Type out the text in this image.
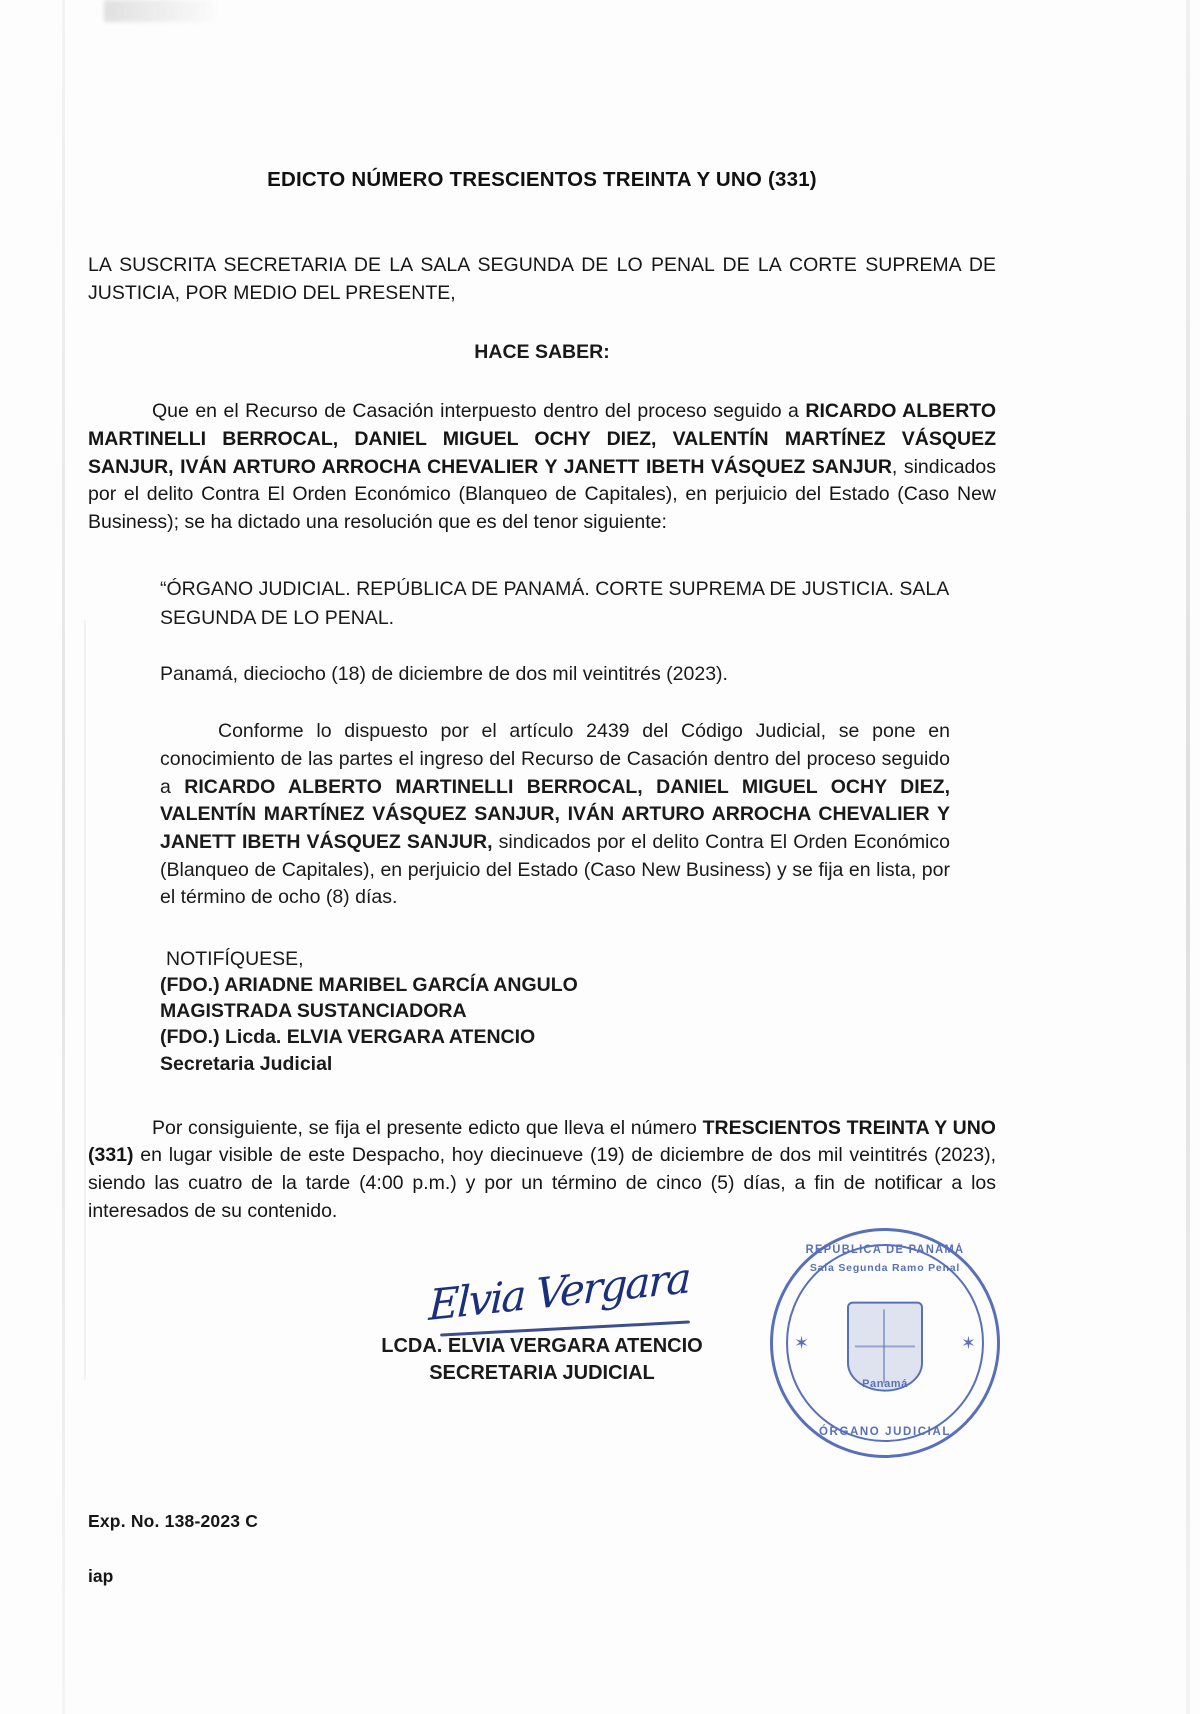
EDICTO NÚMERO TRESCIENTOS TREINTA Y UNO (331)

LA SUSCRITA SECRETARIA DE LA SALA SEGUNDA DE LO PENAL DE LA CORTE SUPREMA DE JUSTICIA, POR MEDIO DEL PRESENTE,

HACE SABER:

Que en el Recurso de Casación interpuesto dentro del proceso seguido a RICARDO ALBERTO MARTINELLI BERROCAL, DANIEL MIGUEL OCHY DIEZ, VALENTÍN MARTÍNEZ VÁSQUEZ SANJUR, IVÁN ARTURO ARROCHA CHEVALIER Y JANETT IBETH VÁSQUEZ SANJUR, sindicados por el delito Contra El Orden Económico (Blanqueo de Capitales), en perjuicio del Estado (Caso New Business); se ha dictado una resolución que es del tenor siguiente:

“ÓRGANO JUDICIAL. REPÚBLICA DE PANAMÁ. CORTE SUPREMA DE JUSTICIA. SALA SEGUNDA DE LO PENAL.

Panamá, dieciocho (18) de diciembre de dos mil veintitrés (2023).

Conforme lo dispuesto por el artículo 2439 del Código Judicial, se pone en conocimiento de las partes el ingreso del Recurso de Casación dentro del proceso seguido a RICARDO ALBERTO MARTINELLI BERROCAL, DANIEL MIGUEL OCHY DIEZ, VALENTÍN MARTÍNEZ VÁSQUEZ SANJUR, IVÁN ARTURO ARROCHA CHEVALIER Y JANETT IBETH VÁSQUEZ SANJUR, sindicados por el delito Contra El Orden Económico (Blanqueo de Capitales), en perjuicio del Estado (Caso New Business) y se fija en lista, por el término de ocho (8) días.

NOTIFÍQUESE,
(FDO.) ARIADNE MARIBEL GARCÍA ANGULO
MAGISTRADA SUSTANCIADORA
(FDO.) Licda. ELVIA VERGARA ATENCIO
Secretaria Judicial

Por consiguiente, se fija el presente edicto que lleva el número TRESCIENTOS TREINTA Y UNO (331) en lugar visible de este Despacho, hoy diecinueve (19) de diciembre de dos mil veintitrés (2023), siendo las cuatro de la tarde (4:00 p.m.) y por un término de cinco (5) días, a fin de notificar a los interesados de su contenido.

Elvia Vergara
LCDA. ELVIA VERGARA ATENCIO
SECRETARIA JUDICIAL
Exp. No. 138-2023 C
iap
✶	✶
REPÚBLICA DE PANAMÁ
Sala Segunda Ramo Penal
Panamá
ÓRGANO JUDICIAL
